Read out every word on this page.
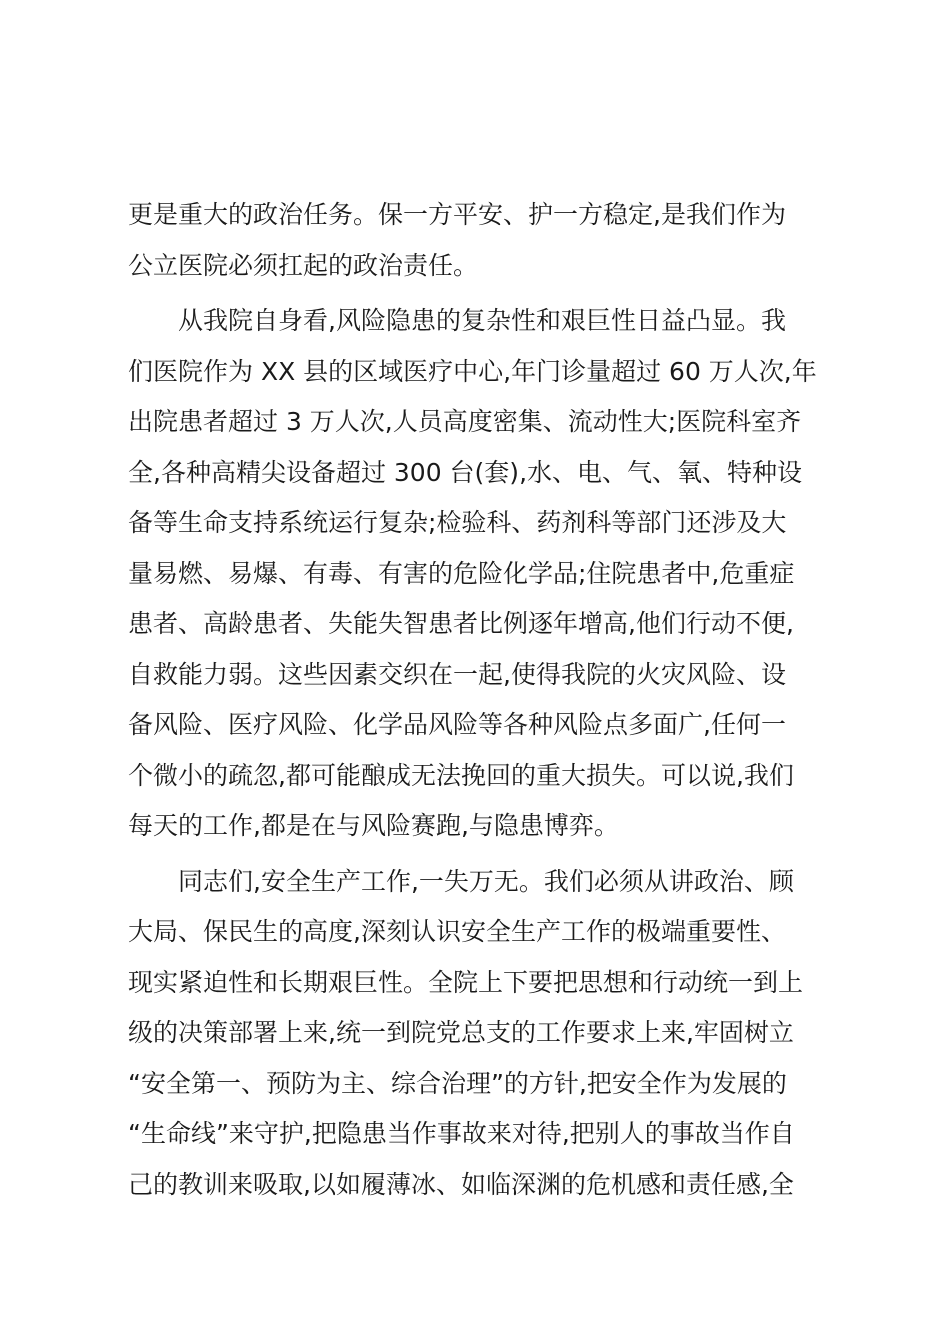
更是重大的政治任务。保一方平安、护一方稳定,是我们作为
公立医院必须扛起的政治责任。

　　从我院自身看,风险隐患的复杂性和艰巨性日益凸显。我
们医院作为 XX 县的区域医疗中心,年门诊量超过 60 万人次,年
出院患者超过 3 万人次,人员高度密集、流动性大;医院科室齐
全,各种高精尖设备超过 300 台(套),水、电、气、氧、特种设
备等生命支持系统运行复杂;检验科、药剂科等部门还涉及大
量易燃、易爆、有毒、有害的危险化学品;住院患者中,危重症
患者、高龄患者、失能失智患者比例逐年增高,他们行动不便,
自救能力弱。这些因素交织在一起,使得我院的火灾风险、设
备风险、医疗风险、化学品风险等各种风险点多面广,任何一
个微小的疏忽,都可能酿成无法挽回的重大损失。可以说,我们
每天的工作,都是在与风险赛跑,与隐患博弈。

　　同志们,安全生产工作,一失万无。我们必须从讲政治、顾
大局、保民生的高度,深刻认识安全生产工作的极端重要性、
现实紧迫性和长期艰巨性。全院上下要把思想和行动统一到上
级的决策部署上来,统一到院党总支的工作要求上来,牢固树立
“安全第一、预防为主、综合治理”的方针,把安全作为发展的
“生命线”来守护,把隐患当作事故来对待,把别人的事故当作自
己的教训来吸取,以如履薄冰、如临深渊的危机感和责任感,全
